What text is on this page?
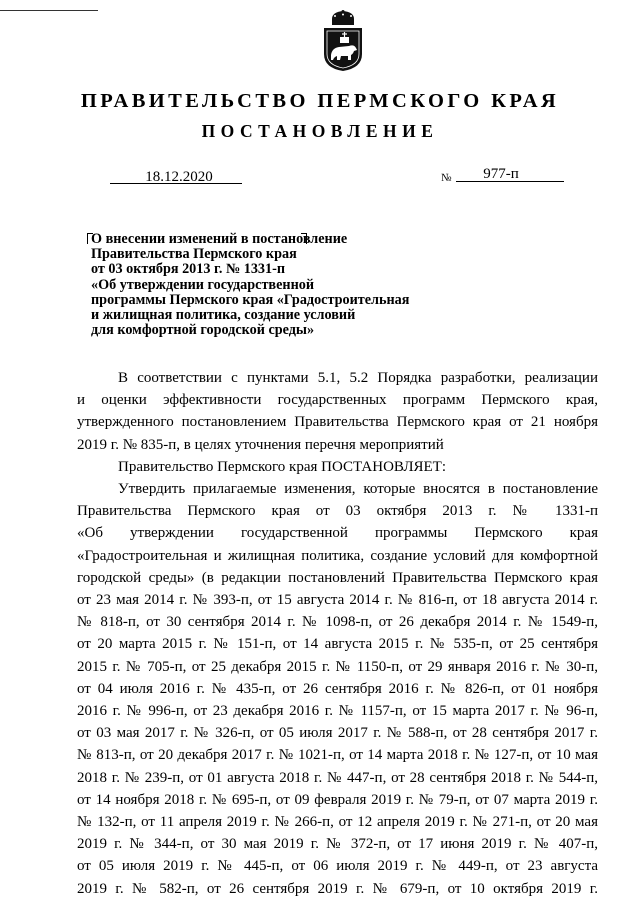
ПРАВИТЕЛЬСТВО ПЕРМСКОГО КРАЯ
ПОСТАНОВЛЕНИЕ
18.12.2020	№	977-п
О внесении изменений в постановление
Правительства Пермского края
от 03 октября 2013 г. № 1331-п
«Об утверждении государственной
программы Пермского края «Градостроительная
и жилищная политика, создание условий
для комфортной городской среды»
В соответствии с пунктами 5.1, 5.2 Порядка разработки, реализации
и оценки эффективности государственных программ Пермского края,
утвержденного постановлением Правительства Пермского края от 21 ноября
2019 г. № 835-п, в целях уточнения перечня мероприятий
Правительство Пермского края ПОСТАНОВЛЯЕТ:
Утвердить прилагаемые изменения, которые вносятся в постановление
Правительства Пермского края от 03 октября 2013 г. № 1331-п
«Об утверждении государственной программы Пермского края
«Градостроительная и жилищная политика, создание условий для комфортной
городской среды» (в редакции постановлений Правительства Пермского края
от 23 мая 2014 г. № 393-п, от 15 августа 2014 г. № 816-п, от 18 августа 2014 г.
№ 818-п, от 30 сентября 2014 г. № 1098-п, от 26 декабря 2014 г. № 1549-п,
от 20 марта 2015 г. № 151-п, от 14 августа 2015 г. № 535-п, от 25 сентября
2015 г. № 705-п, от 25 декабря 2015 г. № 1150-п, от 29 января 2016 г. № 30-п,
от 04 июля 2016 г. № 435-п, от 26 сентября 2016 г. № 826-п, от 01 ноября
2016 г. № 996-п, от 23 декабря 2016 г. № 1157-п, от 15 марта 2017 г. № 96-п,
от 03 мая 2017 г. № 326-п, от 05 июля 2017 г. № 588-п, от 28 сентября 2017 г.
№ 813-п, от 20 декабря 2017 г. № 1021-п, от 14 марта 2018 г. № 127-п, от 10 мая
2018 г. № 239-п, от 01 августа 2018 г. № 447-п, от 28 сентября 2018 г. № 544-п,
от 14 ноября 2018 г. № 695-п, от 09 февраля 2019 г. № 79-п, от 07 марта 2019 г.
№ 132-п, от 11 апреля 2019 г. № 266-п, от 12 апреля 2019 г. № 271-п, от 20 мая
2019 г. № 344-п, от 30 мая 2019 г. № 372-п, от 17 июня 2019 г. № 407-п,
от 05 июля 2019 г. № 445-п, от 06 июля 2019 г. № 449-п, от 23 августа
2019 г. № 582-п, от 26 сентября 2019 г. № 679-п, от 10 октября 2019 г.
